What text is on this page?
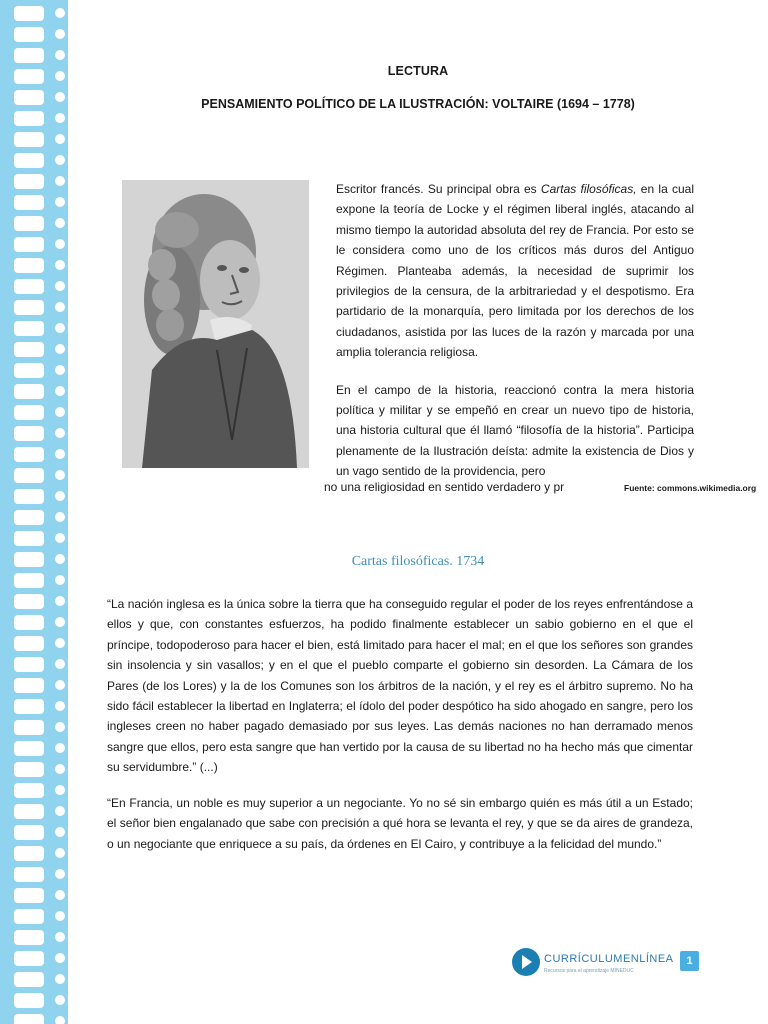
LECTURA
PENSAMIENTO POLÍTICO DE LA ILUSTRACIÓN: VOLTAIRE (1694 – 1778)

Escritor francés. Su principal obra es Cartas filosóficas, en la cual expone la teoría de Locke y el régimen liberal inglés, atacando al mismo tiempo la autoridad absoluta del rey de Francia. Por esto se le considera como uno de los críticos más duros del Antiguo Régimen. Planteaba además, la necesidad de suprimir los privilegios de la censura, de la arbitrariedad y el despotismo. Era partidario de la monarquía, pero limitada por los derechos de los ciudadanos, asistida por las luces de la razón y marcada por una amplia tolerancia religiosa.

En el campo de la historia, reaccionó contra la mera historia política y militar y se empeñó en crear un nuevo tipo de historia, una historia cultural que él llamó “filosofía de la historia”. Participa plenamente de la Ilustración deísta: admite la existencia de Dios y un vago sentido de la providencia, pero

no una religiosidad en sentido verdadero y pr	Fuente: commons.wikimedia.org
Cartas filosóficas. 1734
“La nación inglesa es la única sobre la tierra que ha conseguido regular el poder de los reyes enfrentándose a ellos y que, con constantes esfuerzos, ha podido finalmente establecer un sabio gobierno en el que el príncipe, todopoderoso para hacer el bien, está limitado para hacer el mal; en el que los señores son grandes sin insolencia y sin vasallos; y en el que el pueblo comparte el gobierno sin desorden. La Cámara de los Pares (de los Lores) y la de los Comunes son los árbitros de la nación, y el rey es el árbitro supremo. No ha sido fácil establecer la libertad en Inglaterra; el ídolo del poder despótico ha sido ahogado en sangre, pero los ingleses creen no haber pagado demasiado por sus leyes. Las demás naciones no han derramado menos sangre que ellos, pero esta sangre que han vertido por la causa de su libertad no ha hecho más que cimentar su servidumbre.” (...)
“En Francia, un noble es muy superior a un negociante. Yo no sé sin embargo quién es más útil a un Estado; el señor bien engalanado que sabe con precisión a qué hora se levanta el rey, y que se da aires de grandeza, o un negociante que enriquece a su país, da órdenes en El Cairo, y contribuye a la felicidad del mundo.”
CURRÍCULUMENLÍNEA
Recursos para el aprendizaje MINEDUC
1
